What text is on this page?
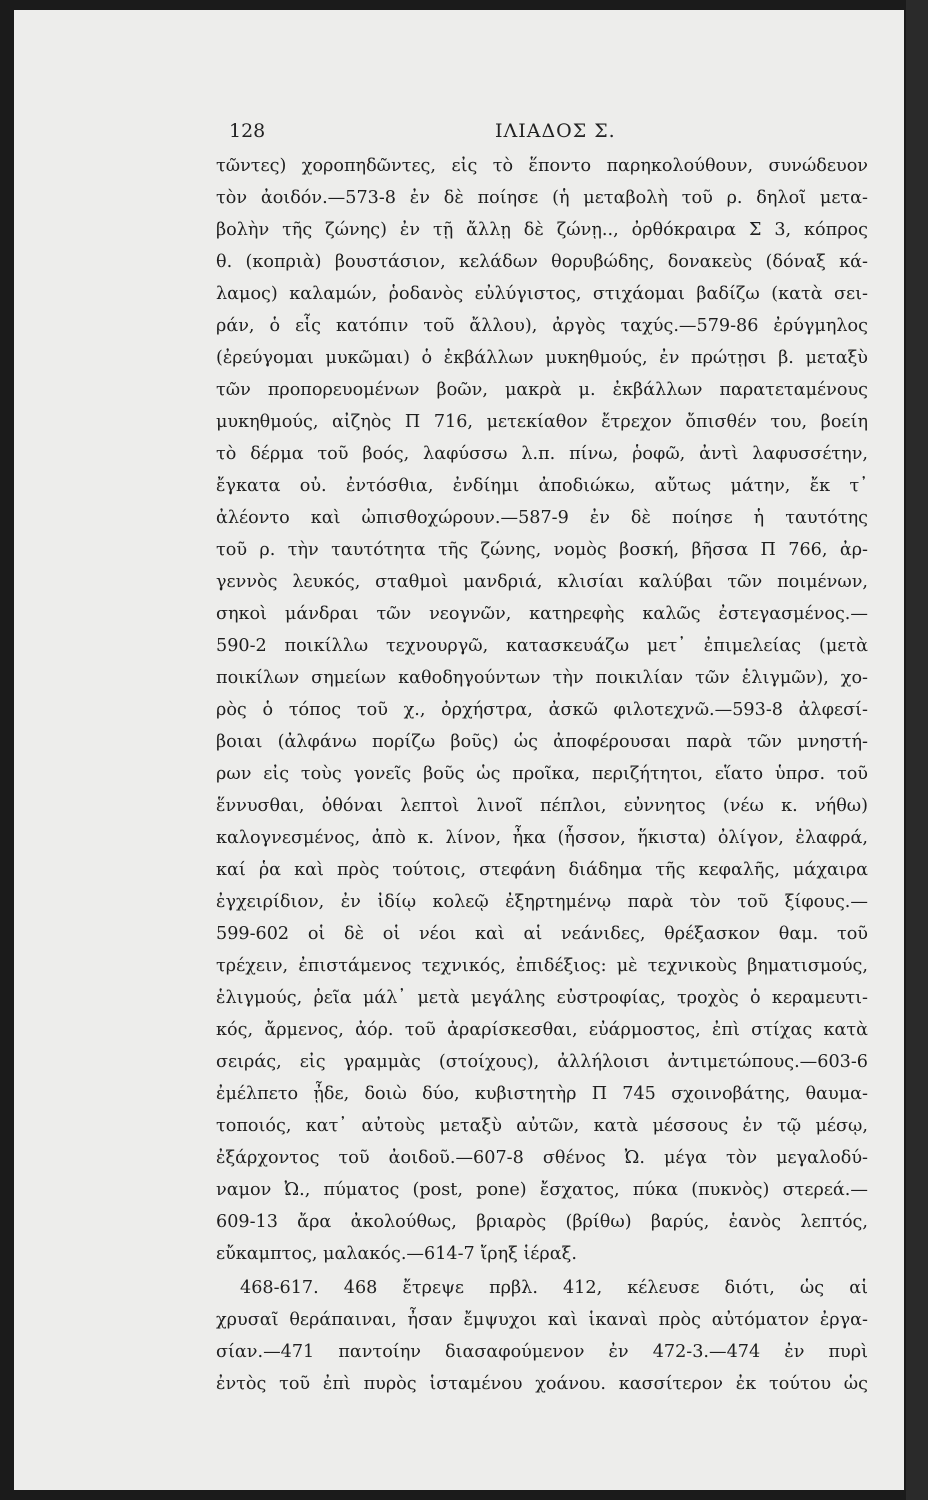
128	ΙΛΙΑΔΟΣ Σ.
τῶντες) χοροπηδῶντες, εἰς τὸ ἕποντο παρηκολούθουν, συνώδευον
τὸν ἀοιδόν.—573-8 ἐν δὲ ποίησε (ἡ μεταβολὴ τοῦ ρ. δηλοῖ μετα-
βολὴν τῆς ζώνης) ἐν τῇ ἄλλῃ δὲ ζώνῃ.., ὀρθόκραιρα Σ 3, κόπρος
θ. (κοπριὰ) βουστάσιον, κελάδων θορυβώδης, δονακεὺς (δόναξ κά-
λαμος) καλαμών, ῥοδανὸς εὐλύγιστος, στιχάομαι βαδίζω (κατὰ σει-
ράν, ὁ εἷς κατόπιν τοῦ ἄλλου), ἀργὸς ταχύς.—579-86 ἐρύγμηλος
(ἐρεύγομαι μυκῶμαι) ὁ ἐκβάλλων μυκηθμούς, ἐν πρώτῃσι β. μεταξὺ
τῶν προπορευομένων βοῶν, μακρὰ μ. ἐκβάλλων παρατεταμένους
μυκηθμούς, αἰζηὸς Π 716, μετεκίαθον ἔτρεχον ὄπισθέν του, βοείη
τὸ δέρμα τοῦ βοός, λαφύσσω λ.π. πίνω, ῥοφῶ, ἀντὶ λαφυσσέτην,
ἔγκατα οὐ. ἐντόσθια, ἐνδίημι ἀποδιώκω, αὔτως μάτην, ἔκ τ᾽
ἀλέοντο καὶ ὠπισθοχώρουν.—587-9 ἐν δὲ ποίησε ἡ ταυτότης
τοῦ ρ. τὴν ταυτότητα τῆς ζώνης, νομὸς βοσκή, βῆσσα Π 766, ἀρ-
γεννὸς λευκός, σταθμοὶ μανδριά, κλισίαι καλύβαι τῶν ποιμένων,
σηκοὶ μάνδραι τῶν νεογνῶν, κατηρεφὴς καλῶς ἐστεγασμένος.—
590-2 ποικίλλω τεχνουργῶ, κατασκευάζω μετ᾽ ἐπιμελείας (μετὰ
ποικίλων σημείων καθοδηγούντων τὴν ποικιλίαν τῶν ἑλιγμῶν), χο-
ρὸς ὁ τόπος τοῦ χ., ὀρχήστρα, ἀσκῶ φιλοτεχνῶ.—593-8 ἀλφεσί-
βοιαι (ἀλφάνω πορίζω βοῦς) ὡς ἀποφέρουσαι παρὰ τῶν μνηστή-
ρων εἰς τοὺς γονεῖς βοῦς ὡς προῖκα, περιζήτητοι, εἵατο ὑπρσ. τοῦ
ἕννυσθαι, ὀθόναι λεπτοὶ λινοῖ πέπλοι, εὐννητος (νέω κ. νήθω)
καλογνεσμένος, ἀπὸ κ. λίνον, ἦκα (ἧσσον, ἥκιστα) ὀλίγον, ἐλαφρά,
καί ῥα καὶ πρὸς τούτοις, στεφάνη διάδημα τῆς κεφαλῆς, μάχαιρα
ἐγχειρίδιον, ἐν ἰδίῳ κολεῷ ἐξηρτημένῳ παρὰ τὸν τοῦ ξίφους.—
599-602 οἱ δὲ οἱ νέοι καὶ αἱ νεάνιδες, θρέξασκον θαμ. τοῦ
τρέχειν, ἐπιστάμενος τεχνικός, ἐπιδέξιος: μὲ τεχνικοὺς βηματισμούς,
ἑλιγμούς, ῥεῖα μάλ᾽ μετὰ μεγάλης εὐστροφίας, τροχὸς ὁ κεραμευτι-
κός, ἄρμενος, ἀόρ. τοῦ ἀραρίσκεσθαι, εὐάρμοστος, ἐπὶ στίχας κατὰ
σειράς, εἰς γραμμὰς (στοίχους), ἀλλήλοισι ἀντιμετώπους.—603-6
ἐμέλπετο ᾖδε, δοιὼ δύο, κυβιστητὴρ Π 745 σχοινοβάτης, θαυμα-
τοποιός, κατ᾽ αὐτοὺς μεταξὺ αὐτῶν, κατὰ μέσσους ἐν τῷ μέσῳ,
ἐξάρχοντος τοῦ ἀοιδοῦ.—607-8 σθένος Ὠ. μέγα τὸν μεγαλοδύ-
ναμον Ὠ., πύματος (post, pone) ἔσχατος, πύκα (πυκνὸς) στερεά.—
609-13 ἄρα ἀκολούθως, βριαρὸς (βρίθω) βαρύς, ἑανὸς λεπτός,
εὔκαμπτος, μαλακός.—614-7 ἴρηξ ἱέραξ.
468-617. 468 ἔτρεψε πρβλ. 412, κέλευσε διότι, ὡς αἱ
χρυσαῖ θεράπαιναι, ἦσαν ἔμψυχοι καὶ ἱκαναὶ πρὸς αὐτόματον ἐργα-
σίαν.—471 παντοίην διασαφούμενον ἐν 472-3.—474 ἐν πυρὶ
ἐντὸς τοῦ ἐπὶ πυρὸς ἱσταμένου χοάνου. κασσίτερον ἐκ τούτου ὡς
